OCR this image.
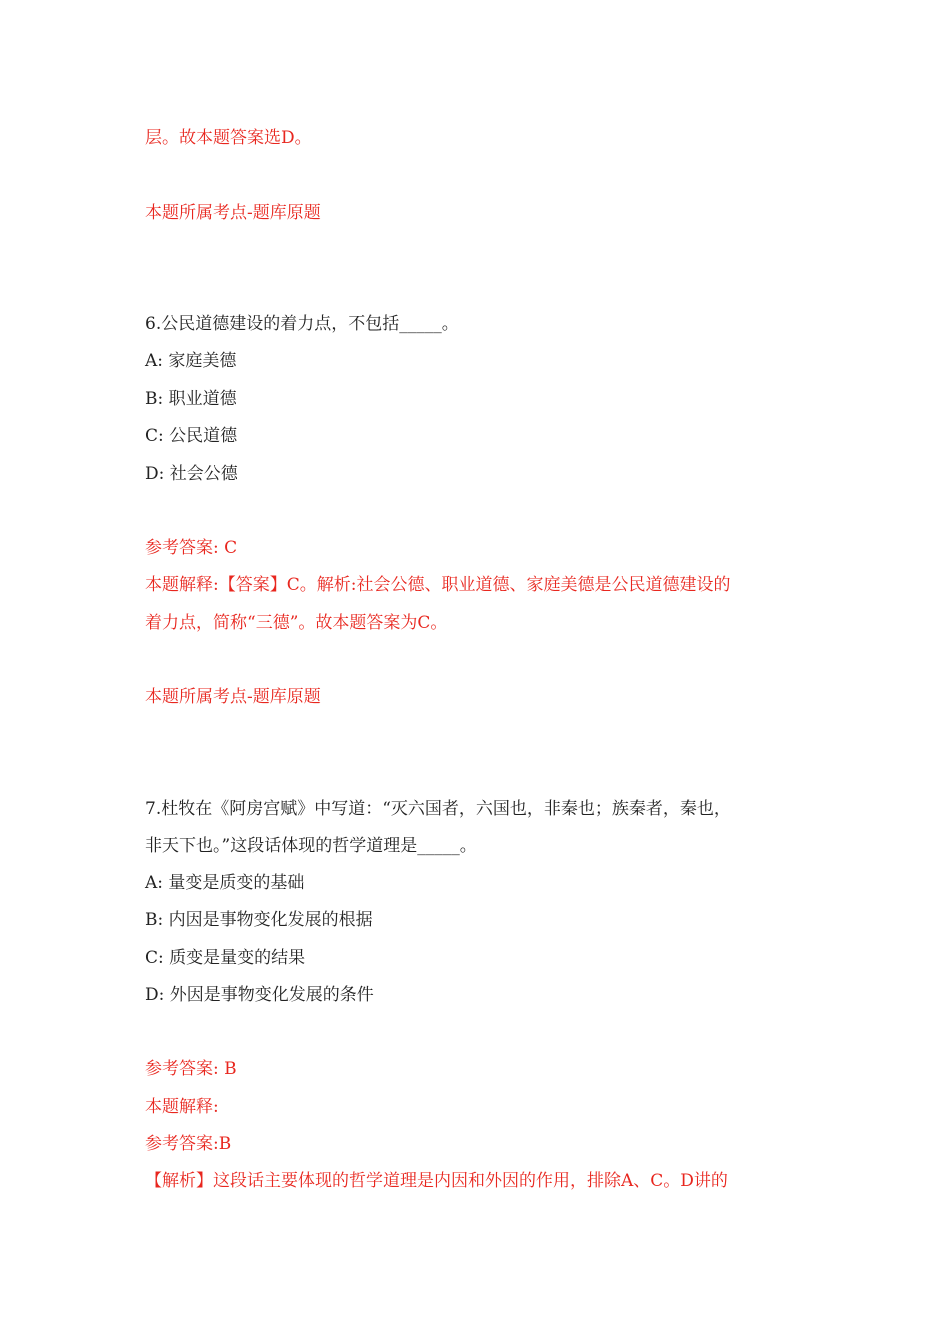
层。故本题答案选D。
本题所属考点-题库原题
6.公民道德建设的着力点，不包括_____。
A: 家庭美德
B: 职业道德
C: 公民道德
D: 社会公德
参考答案: C
本题解释:【答案】C。解析:社会公德、职业道德、家庭美德是公民道德建设的
着力点，简称“三德”。故本题答案为C。
本题所属考点-题库原题
7.杜牧在《阿房宫赋》中写道：“灭六国者，六国也，非秦也；族秦者，秦也，
非天下也。”这段话体现的哲学道理是_____。
A: 量变是质变的基础
B: 内因是事物变化发展的根据
C: 质变是量变的结果
D: 外因是事物变化发展的条件
参考答案: B
本题解释:
参考答案:B
【解析】这段话主要体现的哲学道理是内因和外因的作用，排除A、C。D讲的
